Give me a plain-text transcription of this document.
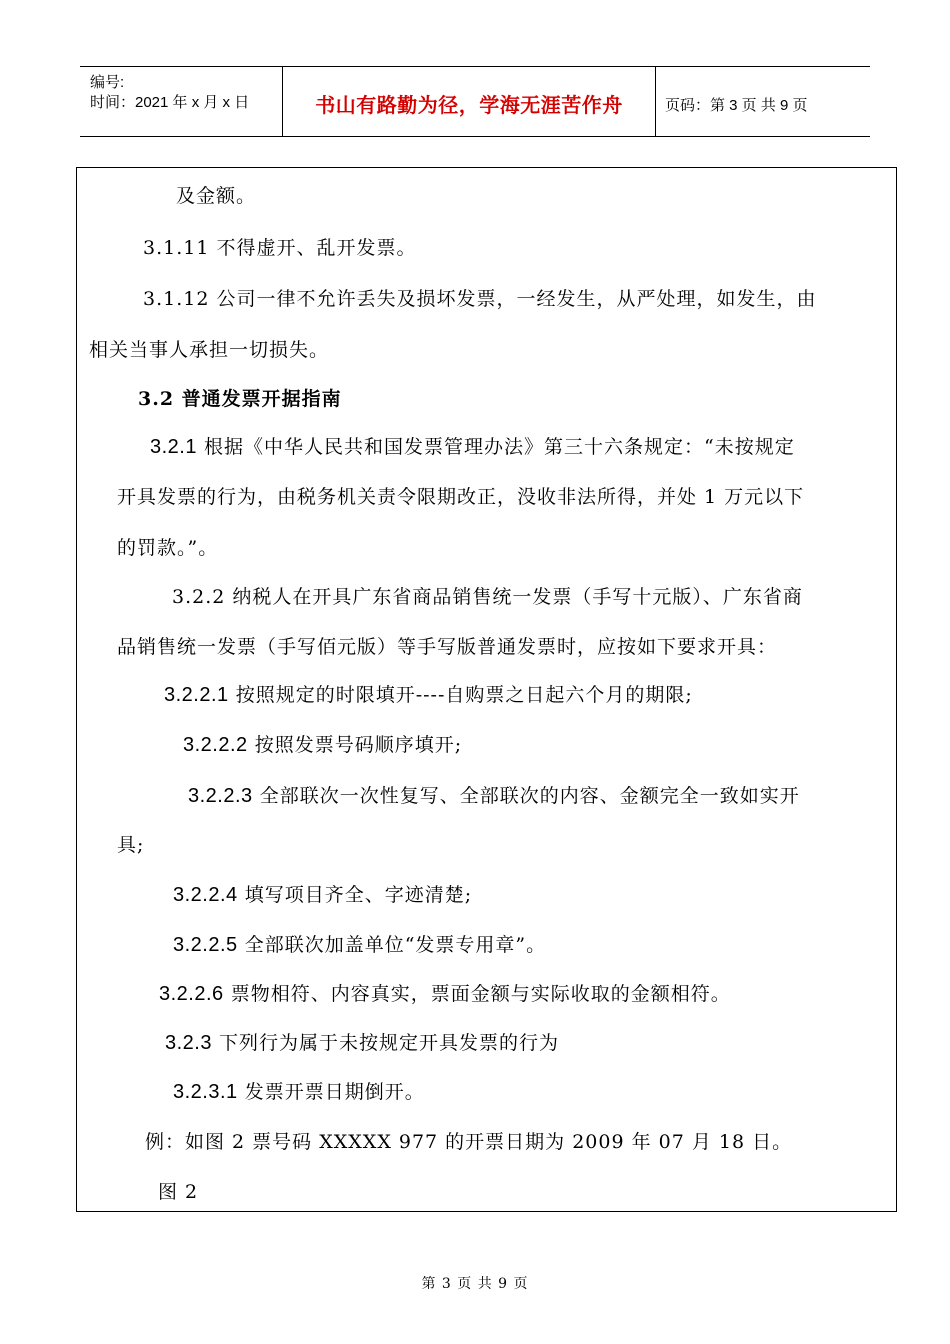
编号:
时间：2021 年 x 月 x 日	书山有路勤为径，学海无涯苦作舟	页码：第 3 页 共 9 页
及金额。
3.1.11 不得虚开、乱开发票。
3.1.12 公司一律不允许丢失及损坏发票，一经发生，从严处理，如发生，由
相关当事人承担一切损失。
3.2 普通发票开据指南
3.2.1 根据《中华人民共和国发票管理办法》第三十六条规定：“未按规定
开具发票的行为，由税务机关责令限期改正，没收非法所得，并处 1 万元以下
的罚款。”。
3.2.2 纳税人在开具广东省商品销售统一发票（手写十元版）、广东省商
品销售统一发票（手写佰元版）等手写版普通发票时，应按如下要求开具：
3.2.2.1 按照规定的时限填开----自购票之日起六个月的期限;
3.2.2.2 按照发票号码顺序填开;
3.2.2.3 全部联次一次性复写、全部联次的内容、金额完全一致如实开
具;
3.2.2.4 填写项目齐全、字迹清楚;
3.2.2.5 全部联次加盖单位“发票专用章”。
3.2.2.6 票物相符、内容真实，票面金额与实际收取的金额相符。
3.2.3 下列行为属于未按规定开具发票的行为
3.2.3.1 发票开票日期倒开。
例：如图 2 票号码 XXXXX 977 的开票日期为 2009 年 07 月 18 日。
图 2
第 3 页 共 9 页
